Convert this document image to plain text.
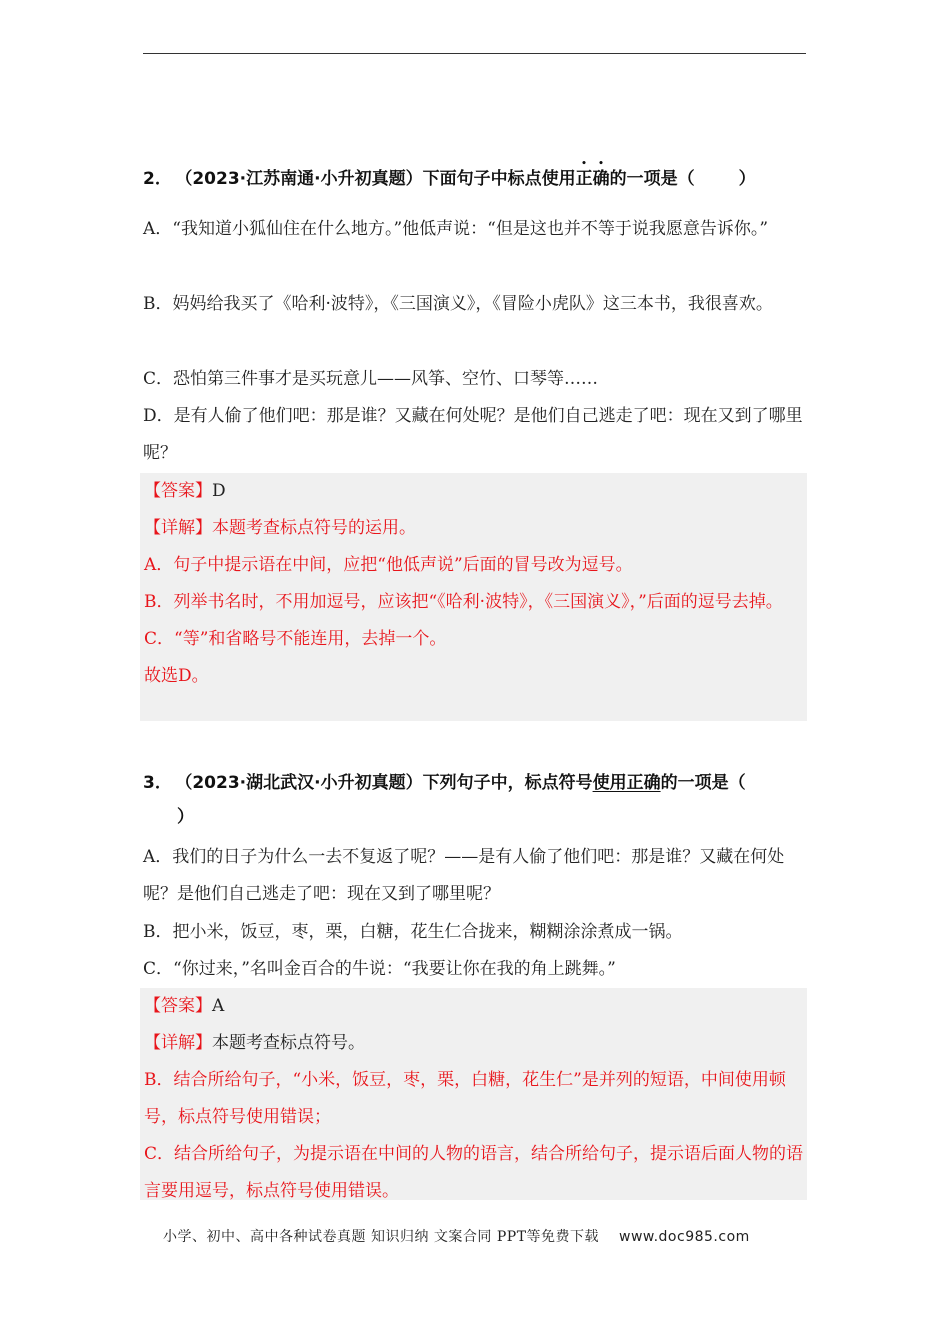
2． （2023·江苏南通·小升初真题）下面句子中标点使用正确的一项是（	）
A．“我知道小狐仙住在什么地方。”他低声说：“但是这也并不等于说我愿意告诉你。”
B．妈妈给我买了《哈利·波特》，《三国演义》，《冒险小虎队》这三本书，我很喜欢。
C．恐怕第三件事才是买玩意儿——风筝、空竹、口琴等……
D．是有人偷了他们吧：那是谁？又藏在何处呢？是他们自己逃走了吧：现在又到了哪里呢？
【答案】D
【详解】本题考查标点符号的运用。
A．句子中提示语在中间，应把“他低声说”后面的冒号改为逗号。
B．列举书名时，不用加逗号，应该把“《哈利·波特》，《三国演义》，”后面的逗号去掉。
C．“等”和省略号不能连用，去掉一个。
故选D。
3． （2023·湖北武汉·小升初真题）下列句子中，标点符号使用正确的一项是（
）
A．我们的日子为什么一去不复返了呢？——是有人偷了他们吧：那是谁？又藏在何处呢？是他们自己逃走了吧：现在又到了哪里呢？
B．把小米，饭豆，枣，栗，白糖，花生仁合拢来，糊糊涂涂煮成一锅。
C．“你过来，”名叫金百合的牛说：“我要让你在我的角上跳舞。”
【答案】A
【详解】本题考查标点符号。
B．结合所给句子，“小米，饭豆，枣，栗，白糖，花生仁”是并列的短语，中间使用顿号，标点符号使用错误；
C．结合所给句子，为提示语在中间的人物的语言，结合所给句子，提示语后面人物的语言要用逗号，标点符号使用错误。
小学、初中、高中各种试卷真题 知识归纳 文案合同 PPT等免费下载 www.doc985.com
